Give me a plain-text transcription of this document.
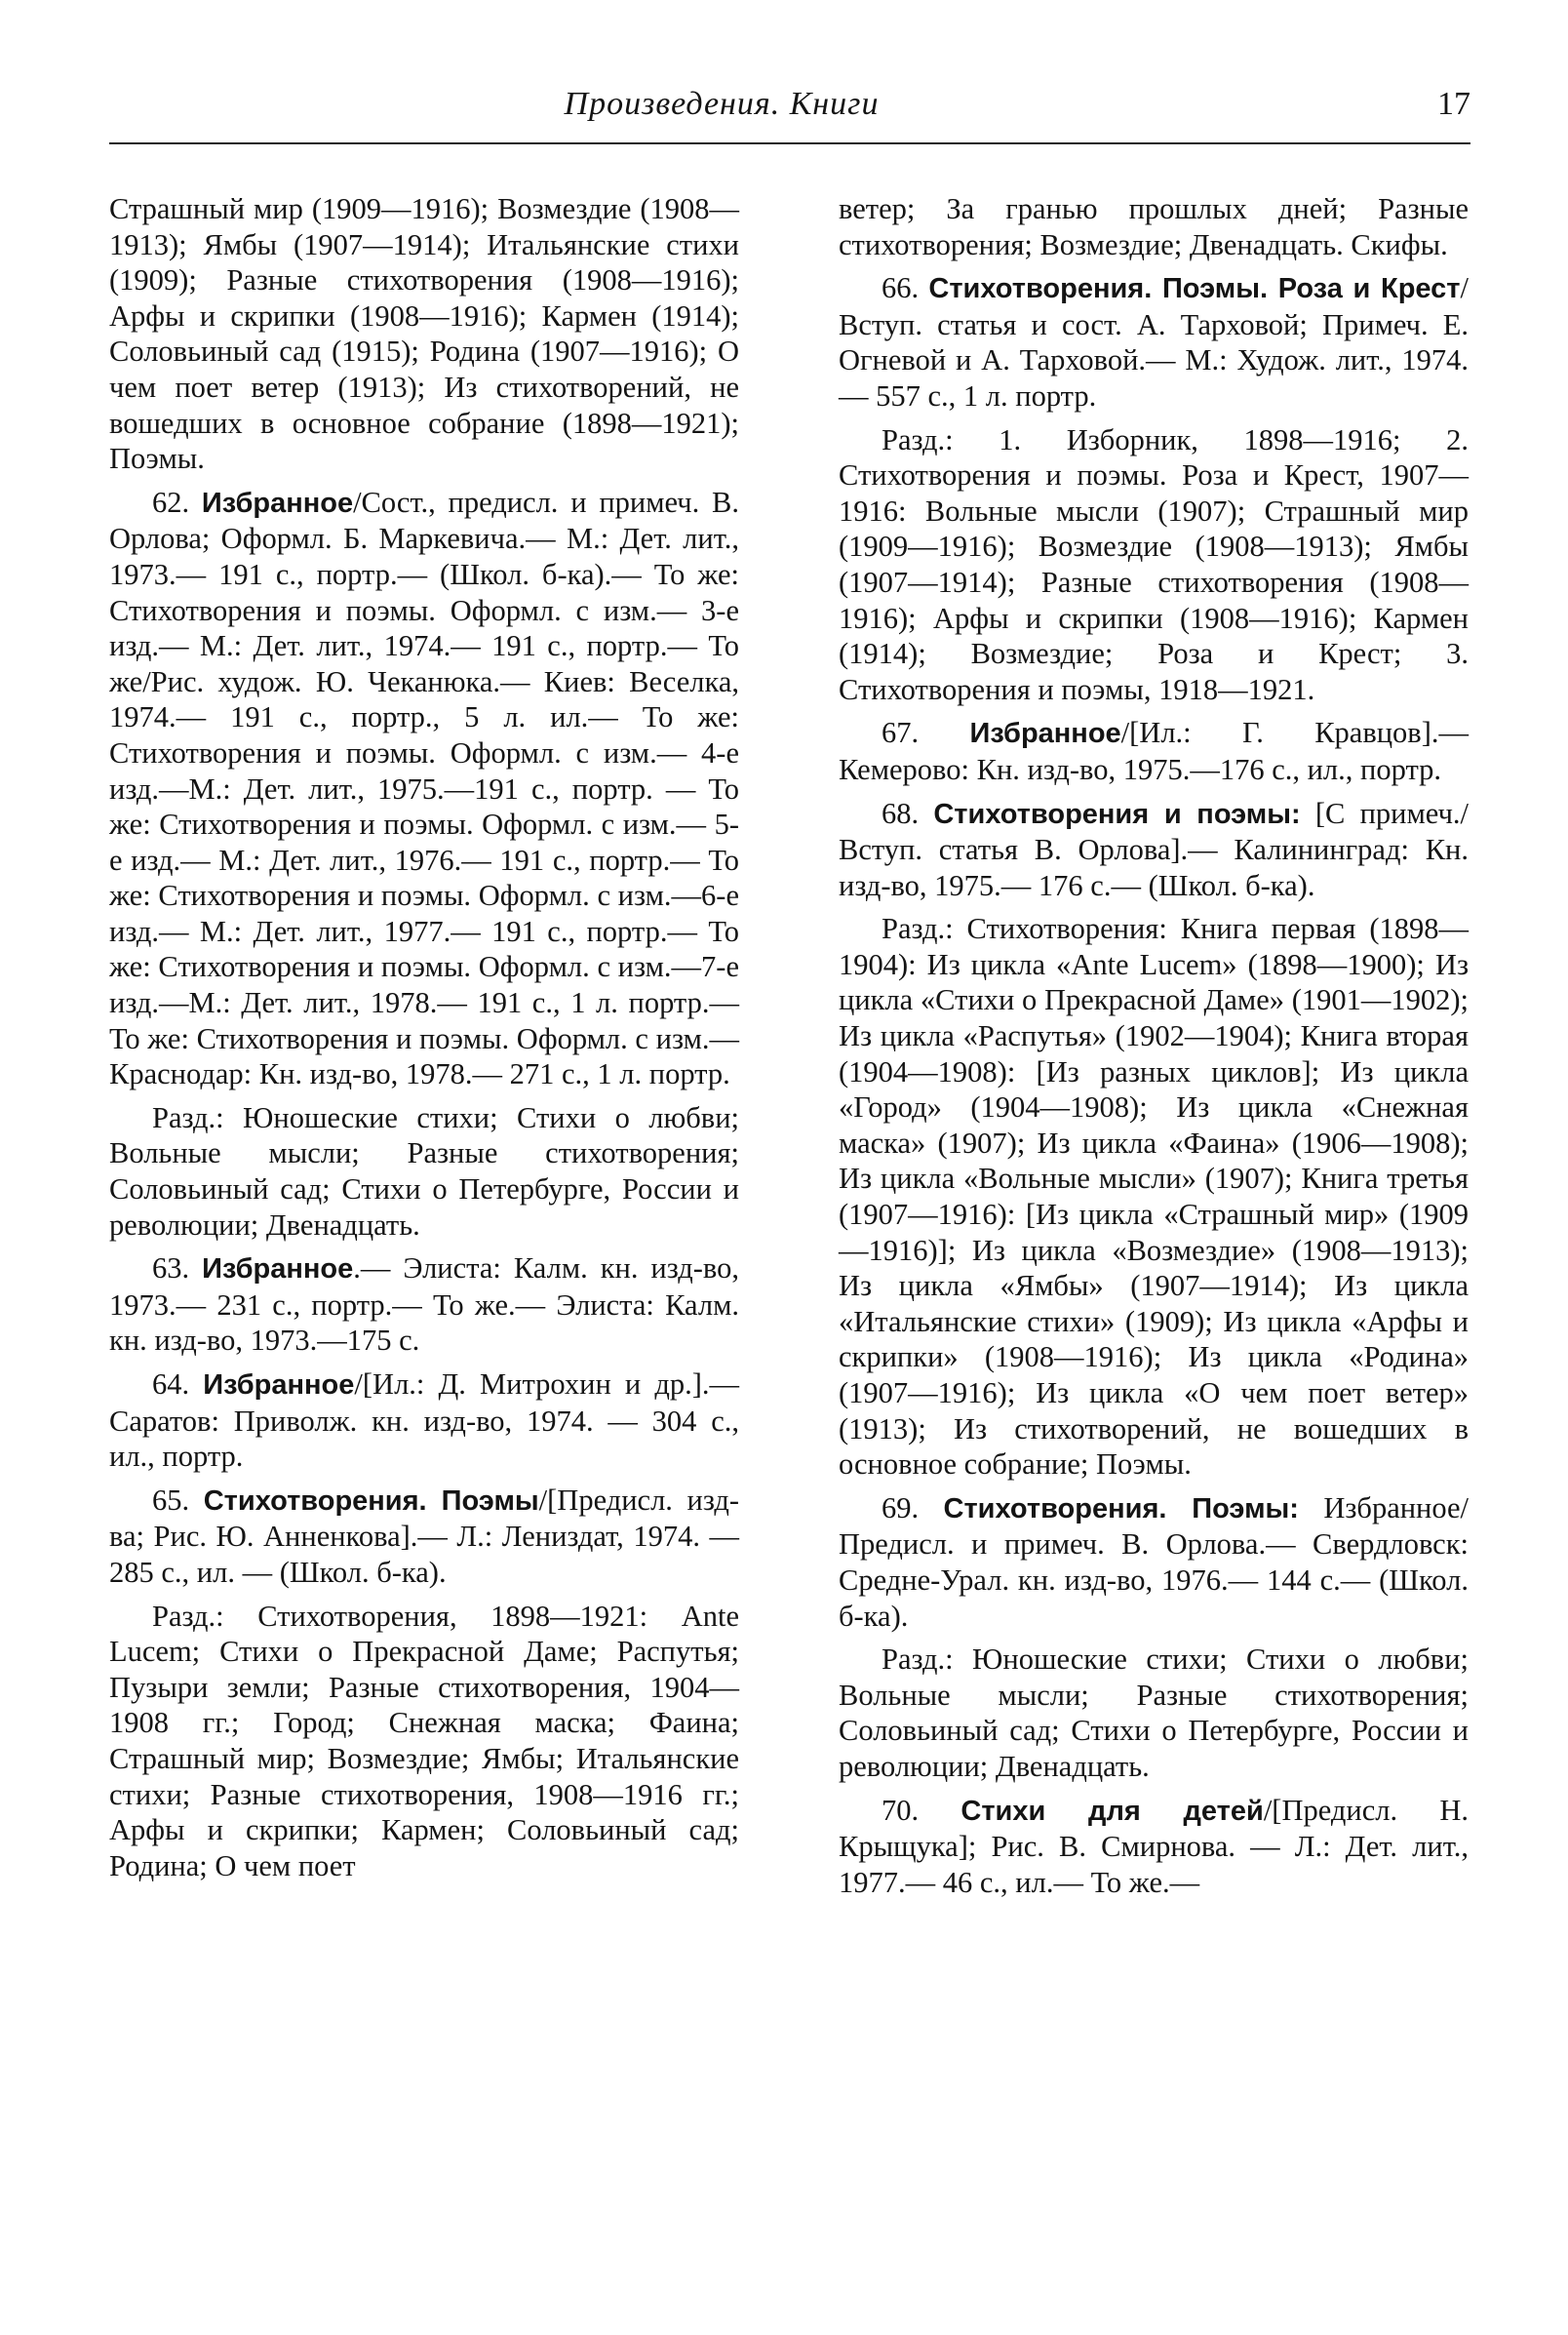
Произведения. Книги	17

Страшный мир (1909—1916); Возмездие (1908—1913); Ямбы (1907—1914); Итальянские стихи (1909); Разные стихотворения (1908—1916); Арфы и скрипки (1908—1916); Кармен (1914); Соловьиный сад (1915); Родина (1907—1916); О чем поет ветер (1913); Из стихотворений, не вошедших в основное собрание (1898—1921); Поэмы.

62. Избранное/Сост., предисл. и примеч. В. Орлова; Оформл. Б. Маркевича.— М.: Дет. лит., 1973.— 191 с., портр.— (Школ. б-ка).— То же: Стихотворения и поэмы. Оформл. с изм.— 3-е изд.— М.: Дет. лит., 1974.— 191 с., портр.— То же/Рис. худож. Ю. Чеканюка.— Киев: Веселка, 1974.— 191 с., портр., 5 л. ил.— То же: Стихотворения и поэмы. Оформл. с изм.— 4-е изд.—М.: Дет. лит., 1975.—191 с., портр. — То же: Стихотворения и поэмы. Оформл. с изм.— 5-е изд.— М.: Дет. лит., 1976.— 191 с., портр.— То же: Стихотворения и поэмы. Оформл. с изм.—6-е изд.— М.: Дет. лит., 1977.— 191 с., портр.— То же: Стихотворения и поэмы. Оформл. с изм.—7-е изд.—М.: Дет. лит., 1978.— 191 с., 1 л. портр.— То же: Стихотворения и поэмы. Оформл. с изм.— Краснодар: Кн. изд-во, 1978.— 271 с., 1 л. портр.

Разд.: Юношеские стихи; Стихи о любви; Вольные мысли; Разные стихотворения; Соловьиный сад; Стихи о Петербурге, России и революции; Двенадцать.

63. Избранное.— Элиста: Калм. кн. изд-во, 1973.— 231 с., портр.— То же.— Элиста: Калм. кн. изд-во, 1973.—175 с.

64. Избранное/[Ил.: Д. Митрохин и др.].—Саратов: Приволж. кн. изд-во, 1974. — 304 с., ил., портр.

65. Стихотворения. Поэмы/[Предисл. изд-ва; Рис. Ю. Анненкова].— Л.: Лениздат, 1974. — 285 с., ил. — (Школ. б-ка).

Разд.: Стихотворения, 1898—1921: Ante Lucem; Стихи о Прекрасной Даме; Распутья; Пузыри земли; Разные стихотворения, 1904—1908 гг.; Город; Снежная маска; Фаина; Страшный мир; Возмездие; Ямбы; Итальянские стихи; Разные стихотворения, 1908—1916 гг.; Арфы и скрипки; Кармен; Соловьиный сад; Родина; О чем поет

ветер; За гранью прошлых дней; Разные стихотворения; Возмездие; Двенадцать. Скифы.

66. Стихотворения. Поэмы. Роза и Крест/Вступ. статья и сост. А. Тарховой; Примеч. Е. Огневой и А. Тарховой.— М.: Худож. лит., 1974.— 557 с., 1 л. портр.

Разд.: 1. Изборник, 1898—1916; 2. Стихотворения и поэмы. Роза и Крест, 1907—1916: Вольные мысли (1907); Страшный мир (1909—1916); Возмездие (1908—1913); Ямбы (1907—1914); Разные стихотворения (1908—1916); Арфы и скрипки (1908—1916); Кармен (1914); Возмездие; Роза и Крест; 3. Стихотворения и поэмы, 1918—1921.

67. Избранное/[Ил.: Г. Кравцов].— Кемерово: Кн. изд-во, 1975.—176 с., ил., портр.

68. Стихотворения и поэмы: [С примеч./Вступ. статья В. Орлова].— Калининград: Кн. изд-во, 1975.— 176 с.— (Школ. б-ка).

Разд.: Стихотворения: Книга первая (1898—1904): Из цикла «Ante Lucem» (1898—1900); Из цикла «Стихи о Прекрасной Даме» (1901—1902); Из цикла «Распутья» (1902—1904); Книга вторая (1904—1908): [Из разных циклов]; Из цикла «Город» (1904—1908); Из цикла «Снежная маска» (1907); Из цикла «Фаина» (1906—1908); Из цикла «Вольные мысли» (1907); Книга третья (1907—1916): [Из цикла «Страшный мир» (1909—1916)]; Из цикла «Возмездие» (1908—1913); Из цикла «Ямбы» (1907—1914); Из цикла «Итальянские стихи» (1909); Из цикла «Арфы и скрипки» (1908—1916); Из цикла «Родина» (1907—1916); Из цикла «О чем поет ветер» (1913); Из стихотворений, не вошедших в основное собрание; Поэмы.

69. Стихотворения. Поэмы: Избранное/Предисл. и примеч. В. Орлова.— Свердловск: Средне-Урал. кн. изд-во, 1976.— 144 с.— (Школ. б-ка).

Разд.: Юношеские стихи; Стихи о любви; Вольные мысли; Разные стихотворения; Соловьиный сад; Стихи о Петербурге, России и революции; Двенадцать.

70. Стихи для детей/[Предисл. Н. Крыщука]; Рис. В. Смирнова. — Л.: Дет. лит., 1977.— 46 с., ил.— То же.—
